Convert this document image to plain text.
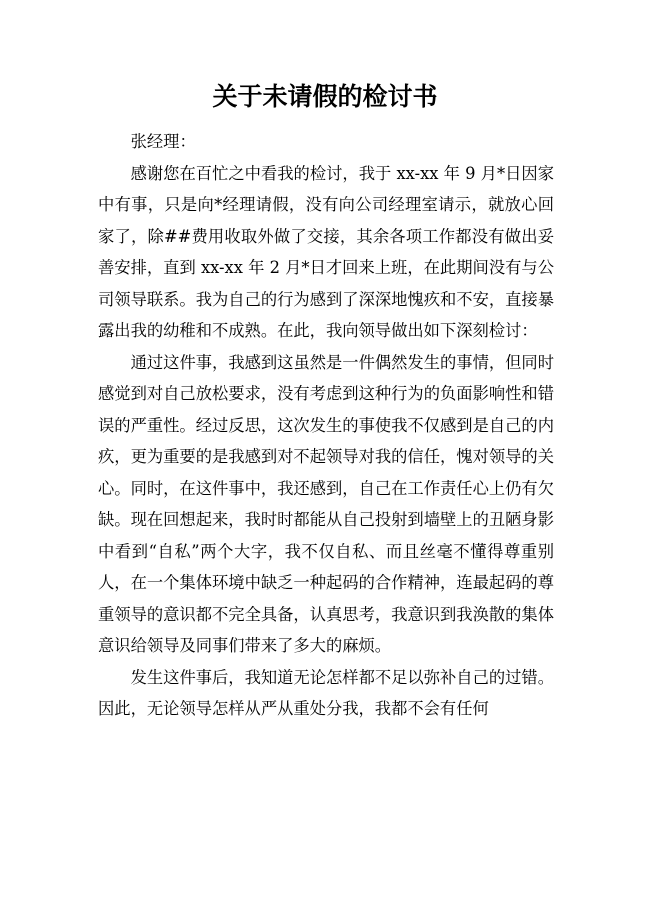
关于未请假的检讨书

张经理：

感谢您在百忙之中看我的检讨，我于 xx-xx 年 9 月*日因家中有事，只是向*经理请假，没有向公司经理室请示，就放心回家了，除##费用收取外做了交接，其余各项工作都没有做出妥善安排，直到 xx-xx 年 2 月*日才回来上班，在此期间没有与公司领导联系。我为自己的行为感到了深深地愧疚和不安，直接暴露出我的幼稚和不成熟。在此，我向领导做出如下深刻检讨：

通过这件事，我感到这虽然是一件偶然发生的事情，但同时感觉到对自己放松要求，没有考虑到这种行为的负面影响性和错误的严重性。经过反思，这次发生的事使我不仅感到是自己的内疚，更为重要的是我感到对不起领导对我的信任，愧对领导的关心。同时，在这件事中，我还感到，自己在工作责任心上仍有欠缺。现在回想起来，我时时都能从自己投射到墙壁上的丑陋身影中看到“自私”两个大字，我不仅自私、而且丝毫不懂得尊重别人，在一个集体环境中缺乏一种起码的合作精神，连最起码的尊重领导的意识都不完全具备，认真思考，我意识到我涣散的集体意识给领导及同事们带来了多大的麻烦。

发生这件事后，我知道无论怎样都不足以弥补自己的过错。因此，无论领导怎样从严从重处分我，我都不会有任何
